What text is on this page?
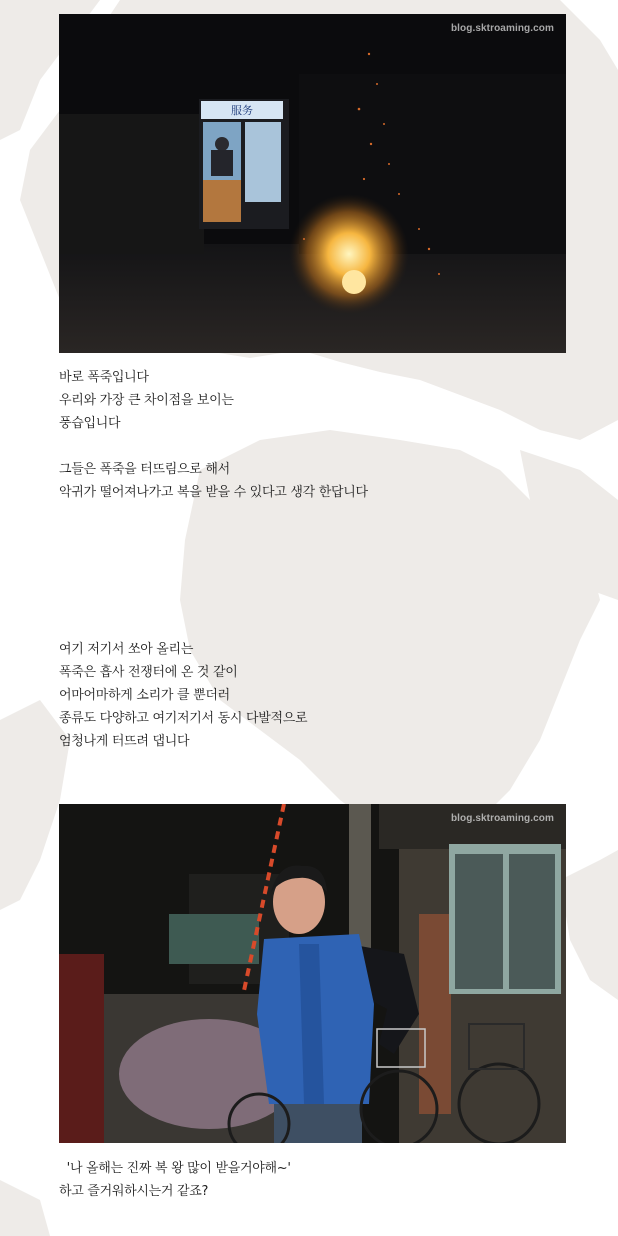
服务
blog.sktroaming.com
바로 폭죽입니다
우리와 가장 큰 차이점을 보이는
풍습입니다
그들은 폭죽을 터뜨림으로 해서
악귀가 떨어져나가고 복을 받을 수 있다고 생각 한답니다
여기 저기서 쏘아 올리는
폭죽은 흡사 전쟁터에 온 것 같이
어마어마하게 소리가 클 뿐더러
종류도 다양하고 여기저기서 동시 다발적으로
엄청나게 터뜨려 댑니다
blog.sktroaming.com
'나 올해는 진짜 복 왕 많이 받을거야해~'
하고 즐거워하시는거 같죠?
